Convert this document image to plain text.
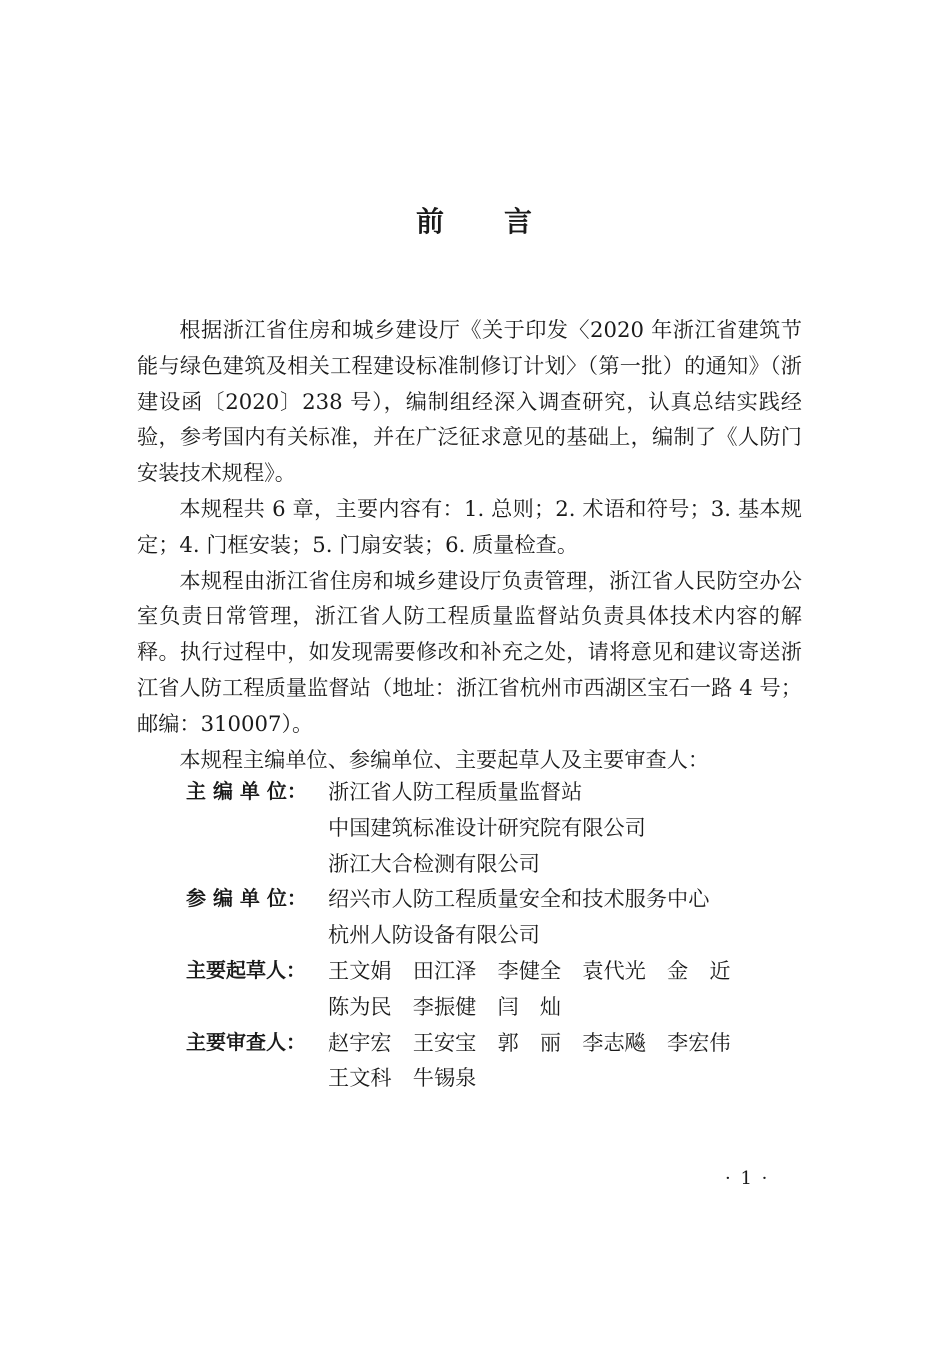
前 言

根据浙江省住房和城乡建设厅《关于印发〈2020 年浙江省建筑节能与绿色建筑及相关工程建设标准制修订计划〉（第一批）的通知》（浙建设函〔2020〕238 号），编制组经深入调查研究，认真总结实践经验，参考国内有关标准，并在广泛征求意见的基础上，编制了《人防门安装技术规程》。

本规程共 6 章，主要内容有：1. 总则；2. 术语和符号；3. 基本规定；4. 门框安装；5. 门扇安装；6. 质量检查。

本规程由浙江省住房和城乡建设厅负责管理，浙江省人民防空办公室负责日常管理，浙江省人防工程质量监督站负责具体技术内容的解释。执行过程中，如发现需要修改和补充之处，请将意见和建议寄送浙江省人防工程质量监督站（地址：浙江省杭州市西湖区宝石一路 4 号；邮编：310007）。

本规程主编单位、参编单位、主要起草人及主要审查人：

主 编 单 位： 浙江省人防工程质量监督站
中国建筑标准设计研究院有限公司
浙江大合检测有限公司
参 编 单 位： 绍兴市人防工程质量安全和技术服务中心
杭州人防设备有限公司
主要起草人：	王文娟　田江泽　李健全　袁代光　金　近
陈为民　李振健　闫　灿
主要审查人：	赵宇宏　王安宝　郭　丽　李志飚　李宏伟
王文科　牛锡泉
· 1 ·
